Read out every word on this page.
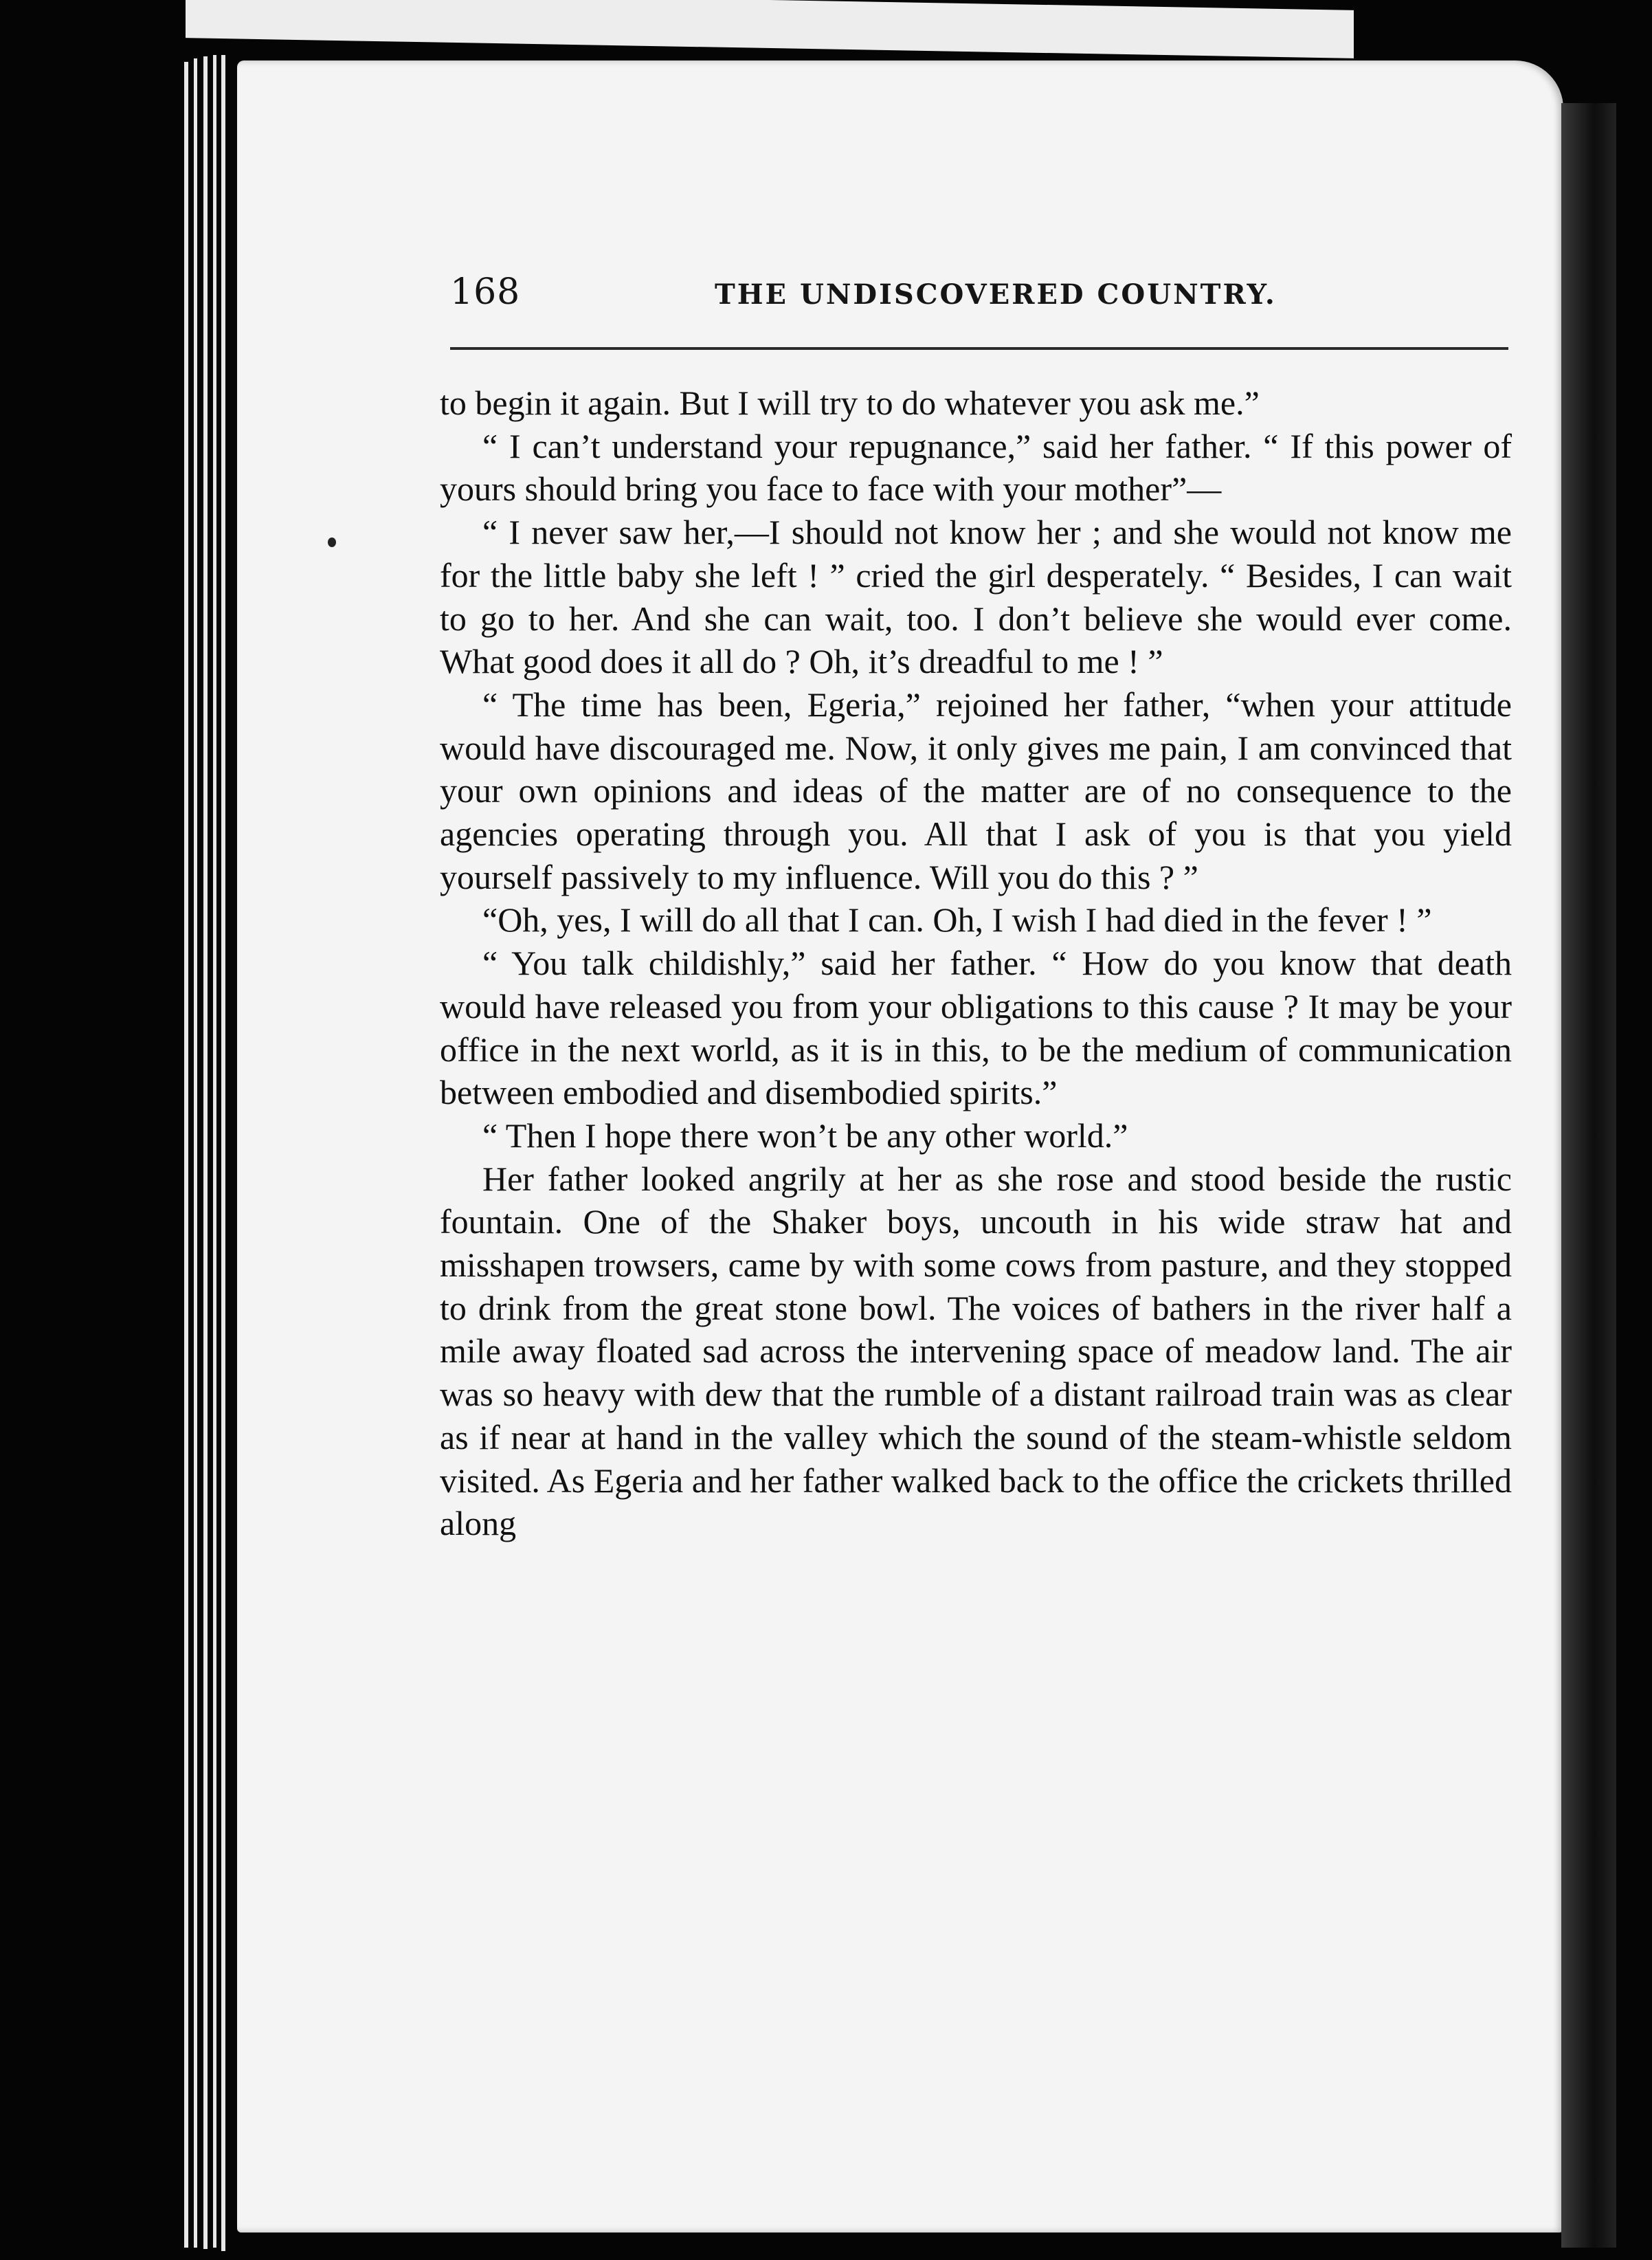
168	THE UNDISCOVERED COUNTRY.

to begin it again. But I will try to do whatever you ask me.”

“ I can’t understand your repugnance,” said her father. “ If this power of yours should bring you face to face with your mother”—

“ I never saw her,—I should not know her ; and she would not know me for the little baby she left ! ” cried the girl desperately. “ Besides, I can wait to go to her. And she can wait, too. I don’t believe she would ever come. What good does it all do ? Oh, it’s dreadful to me ! ”

“ The time has been, Egeria,” rejoined her father, “when your attitude would have discouraged me. Now, it only gives me pain, I am convinced that your own opinions and ideas of the matter are of no consequence to the agencies operating through you. All that I ask of you is that you yield yourself passively to my influence. Will you do this ? ”

“Oh, yes, I will do all that I can. Oh, I wish I had died in the fever ! ”

“ You talk childishly,” said her father. “ How do you know that death would have released you from your obligations to this cause ? It may be your office in the next world, as it is in this, to be the medium of communication between embodied and disembodied spirits.”

“ Then I hope there won’t be any other world.”

Her father looked angrily at her as she rose and stood beside the rustic fountain. One of the Shaker boys, uncouth in his wide straw hat and misshapen trowsers, came by with some cows from pasture, and they stopped to drink from the great stone bowl. The voices of bathers in the river half a mile away floated sad across the intervening space of meadow land. The air was so heavy with dew that the rumble of a distant railroad train was as clear as if near at hand in the valley which the sound of the steam-whistle seldom visited. As Egeria and her father walked back to the office the crickets thrilled along
